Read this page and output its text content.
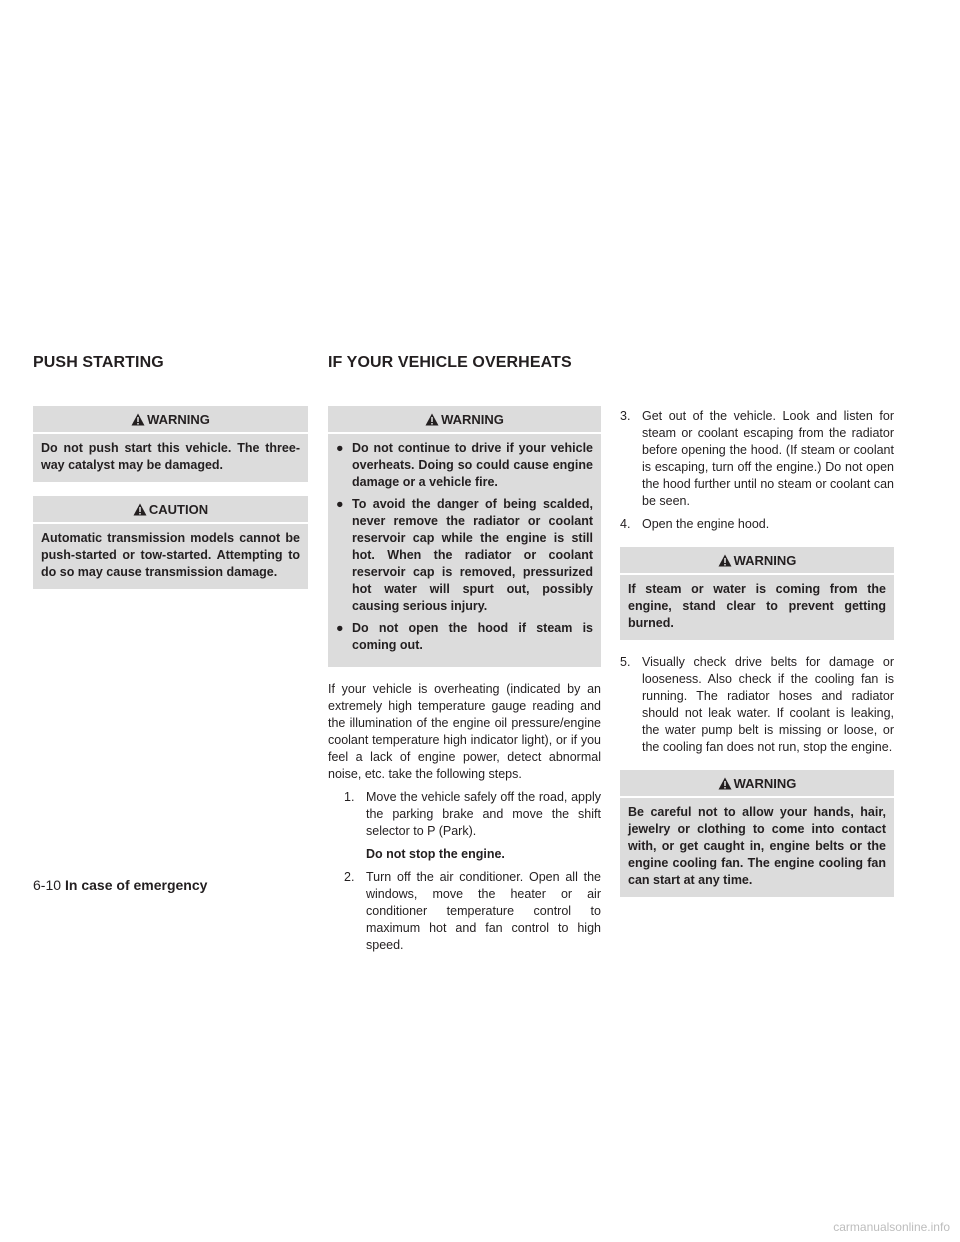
PUSH STARTING	IF YOUR VEHICLE OVERHEATS
WARNING
Do not push start this vehicle. The three-way catalyst may be damaged.
CAUTION
Automatic transmission models cannot be push-started or tow-started. Attempting to do so may cause transmission damage.
WARNING
● Do not continue to drive if your vehicle overheats. Doing so could cause engine damage or a vehicle fire.
● To avoid the danger of being scalded, never remove the radiator or coolant reservoir cap while the engine is still hot. When the radiator or coolant reservoir cap is removed, pressurized hot water will spurt out, possibly causing serious injury.
● Do not open the hood if steam is coming out.
If your vehicle is overheating (indicated by an extremely high temperature gauge reading and the illumination of the engine oil pressure/engine coolant temperature high indicator light), or if you feel a lack of engine power, detect abnormal noise, etc. take the following steps.
1. Move the vehicle safely off the road, apply the parking brake and move the shift selector to P (Park).
Do not stop the engine.
2. Turn off the air conditioner. Open all the windows, move the heater or air conditioner temperature control to maximum hot and fan control to high speed.
3. Get out of the vehicle. Look and listen for steam or coolant escaping from the radiator before opening the hood. (If steam or coolant is escaping, turn off the engine.) Do not open the hood further until no steam or coolant can be seen.
4. Open the engine hood.
WARNING
If steam or water is coming from the engine, stand clear to prevent getting burned.
5. Visually check drive belts for damage or looseness. Also check if the cooling fan is running. The radiator hoses and radiator should not leak water. If coolant is leaking, the water pump belt is missing or loose, or the cooling fan does not run, stop the engine.
WARNING
Be careful not to allow your hands, hair, jewelry or clothing to come into contact with, or get caught in, engine belts or the engine cooling fan. The engine cooling fan can start at any time.
6-10 In case of emergency
carmanualsonline.info
